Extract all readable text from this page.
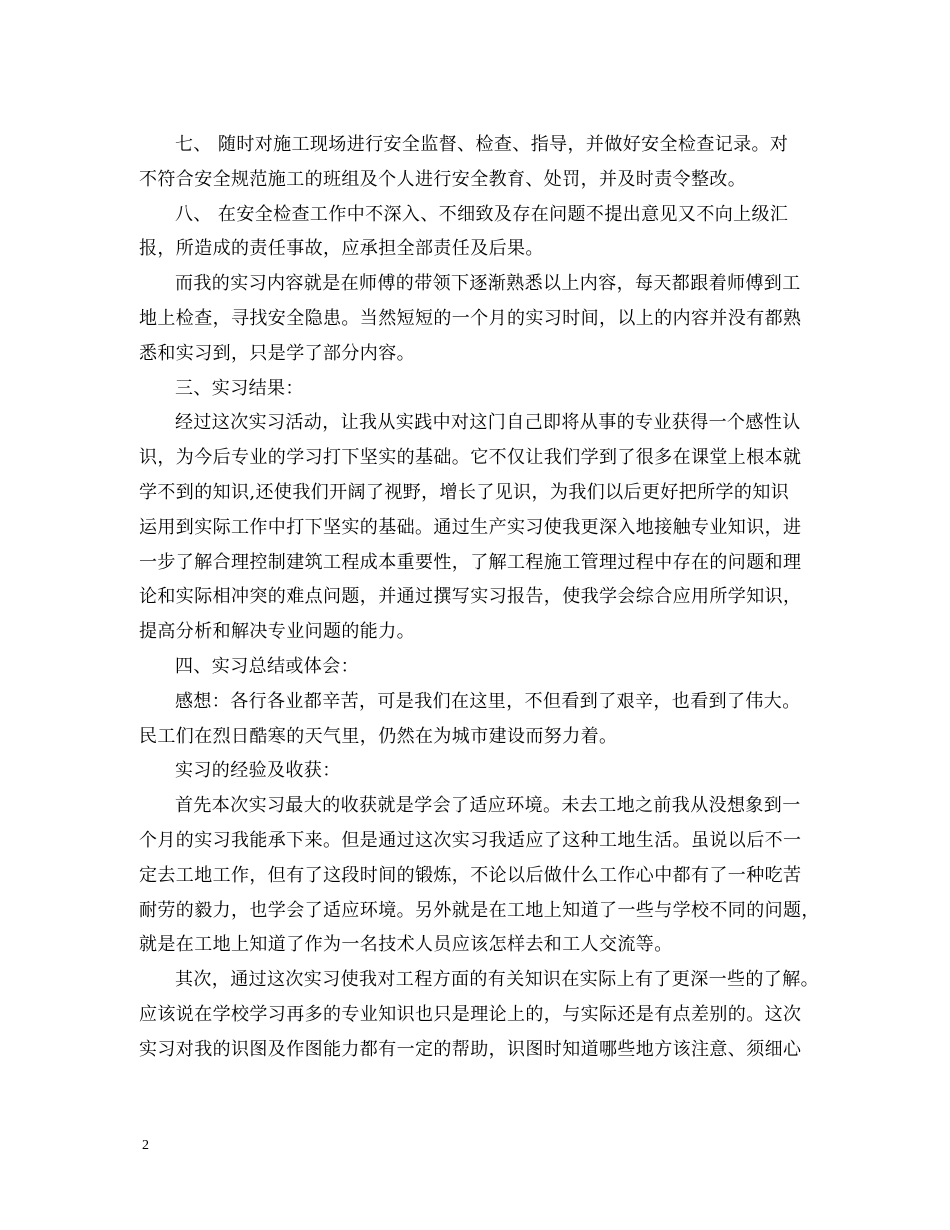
七、 随时对施工现场进行安全监督、检查、指导，并做好安全检查记录。对
不符合安全规范施工的班组及个人进行安全教育、处罚，并及时责令整改。
八、 在安全检查工作中不深入、不细致及存在问题不提出意见又不向上级汇
报，所造成的责任事故，应承担全部责任及后果。
而我的实习内容就是在师傅的带领下逐渐熟悉以上内容，每天都跟着师傅到工
地上检查，寻找安全隐患。当然短短的一个月的实习时间，以上的内容并没有都熟
悉和实习到，只是学了部分内容。
三、实习结果：
经过这次实习活动，让我从实践中对这门自己即将从事的专业获得一个感性认
识，为今后专业的学习打下坚实的基础。它不仅让我们学到了很多在课堂上根本就
学不到的知识,还使我们开阔了视野，增长了见识，为我们以后更好把所学的知识
运用到实际工作中打下坚实的基础。通过生产实习使我更深入地接触专业知识，进
一步了解合理控制建筑工程成本重要性，了解工程施工管理过程中存在的问题和理
论和实际相冲突的难点问题，并通过撰写实习报告，使我学会综合应用所学知识，
提高分析和解决专业问题的能力。
四、实习总结或体会：
感想：各行各业都辛苦，可是我们在这里，不但看到了艰辛，也看到了伟大。
民工们在烈日酷寒的天气里，仍然在为城市建设而努力着。
实习的经验及收获：
首先本次实习最大的收获就是学会了适应环境。未去工地之前我从没想象到一
个月的实习我能承下来。但是通过这次实习我适应了这种工地生活。虽说以后不一
定去工地工作，但有了这段时间的锻炼，不论以后做什么工作心中都有了一种吃苦
耐劳的毅力，也学会了适应环境。另外就是在工地上知道了一些与学校不同的问题，
就是在工地上知道了作为一名技术人员应该怎样去和工人交流等。
其次，通过这次实习使我对工程方面的有关知识在实际上有了更深一些的了解。
应该说在学校学习再多的专业知识也只是理论上的，与实际还是有点差别的。这次
实习对我的识图及作图能力都有一定的帮助，识图时知道哪些地方该注意、须细心
2
